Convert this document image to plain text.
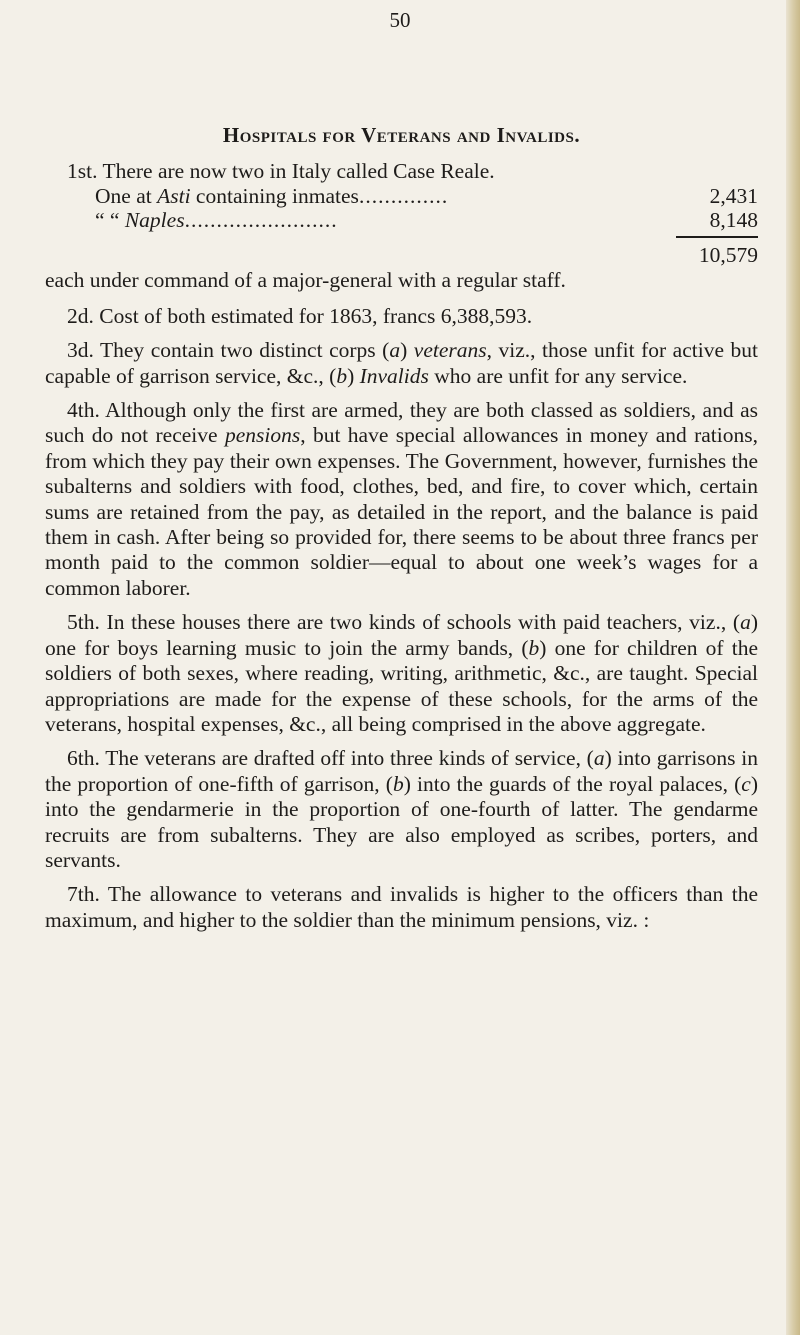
50
Hospitals for Veterans and Invalids.

1st. There are now two in Italy called Case Reale.

One at Asti containing inmates..............	2,431
“ “ Naples........................	8,148
10,579

each under command of a major-general with a regular staff.

2d. Cost of both estimated for 1863, francs 6,388,593.

3d. They contain two distinct corps (a) veterans, viz., those unfit for active but capable of garrison service, &c., (b) Invalids who are unfit for any service.

4th. Although only the first are armed, they are both classed as soldiers, and as such do not receive pensions, but have special allowances in money and rations, from which they pay their own expenses. The Government, however, furnishes the subalterns and soldiers with food, clothes, bed, and fire, to cover which, certain sums are retained from the pay, as detailed in the report, and the balance is paid them in cash. After being so provided for, there seems to be about three francs per month paid to the common soldier—equal to about one week’s wages for a common laborer.

5th. In these houses there are two kinds of schools with paid teachers, viz., (a) one for boys learning music to join the army bands, (b) one for children of the soldiers of both sexes, where reading, writing, arithmetic, &c., are taught. Special appropriations are made for the expense of these schools, for the arms of the veterans, hospital expenses, &c., all being comprised in the above aggregate.

6th. The veterans are drafted off into three kinds of service, (a) into garrisons in the proportion of one-fifth of garrison, (b) into the guards of the royal palaces, (c) into the gendarmerie in the proportion of one-fourth of latter. The gendarme recruits are from subalterns. They are also employed as scribes, porters, and servants.

7th. The allowance to veterans and invalids is higher to the officers than the maximum, and higher to the soldier than the minimum pensions, viz. :
